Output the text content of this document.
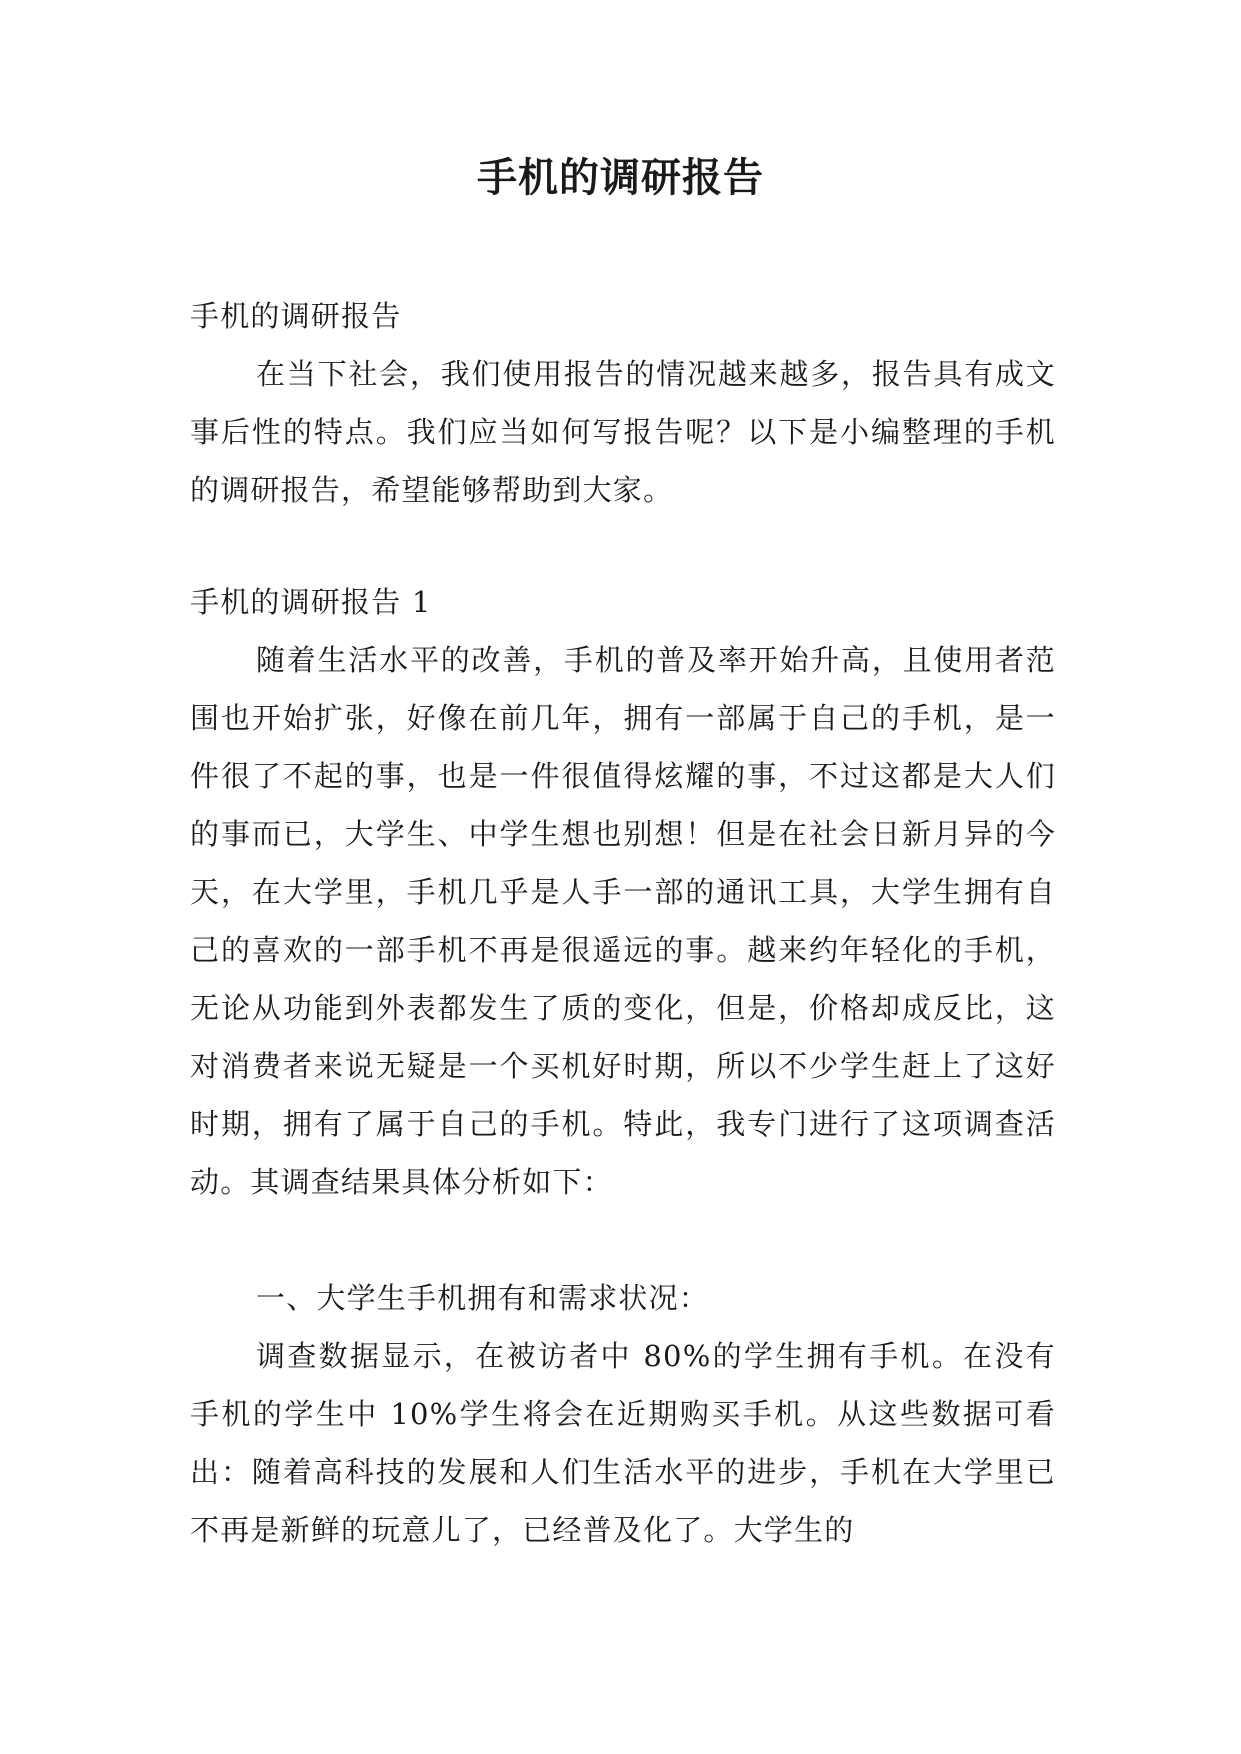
手机的调研报告

手机的调研报告

在当下社会，我们使用报告的情况越来越多，报告具有成文事后性的特点。我们应当如何写报告呢？以下是小编整理的手机的调研报告，希望能够帮助到大家。

手机的调研报告 1

随着生活水平的改善，手机的普及率开始升高，且使用者范围也开始扩张，好像在前几年，拥有一部属于自己的手机，是一件很了不起的事，也是一件很值得炫耀的事，不过这都是大人们的事而已，大学生、中学生想也别想！但是在社会日新月异的今天，在大学里，手机几乎是人手一部的通讯工具，大学生拥有自己的喜欢的一部手机不再是很遥远的事。越来约年轻化的手机，无论从功能到外表都发生了质的变化，但是，价格却成反比，这对消费者来说无疑是一个买机好时期，所以不少学生赶上了这好时期，拥有了属于自己的手机。特此，我专门进行了这项调查活动。其调查结果具体分析如下：

一、大学生手机拥有和需求状况：

调查数据显示，在被访者中 80%的学生拥有手机。在没有手机的学生中 10%学生将会在近期购买手机。从这些数据可看出：随着高科技的发展和人们生活水平的进步，手机在大学里已不再是新鲜的玩意儿了，已经普及化了。大学生的
